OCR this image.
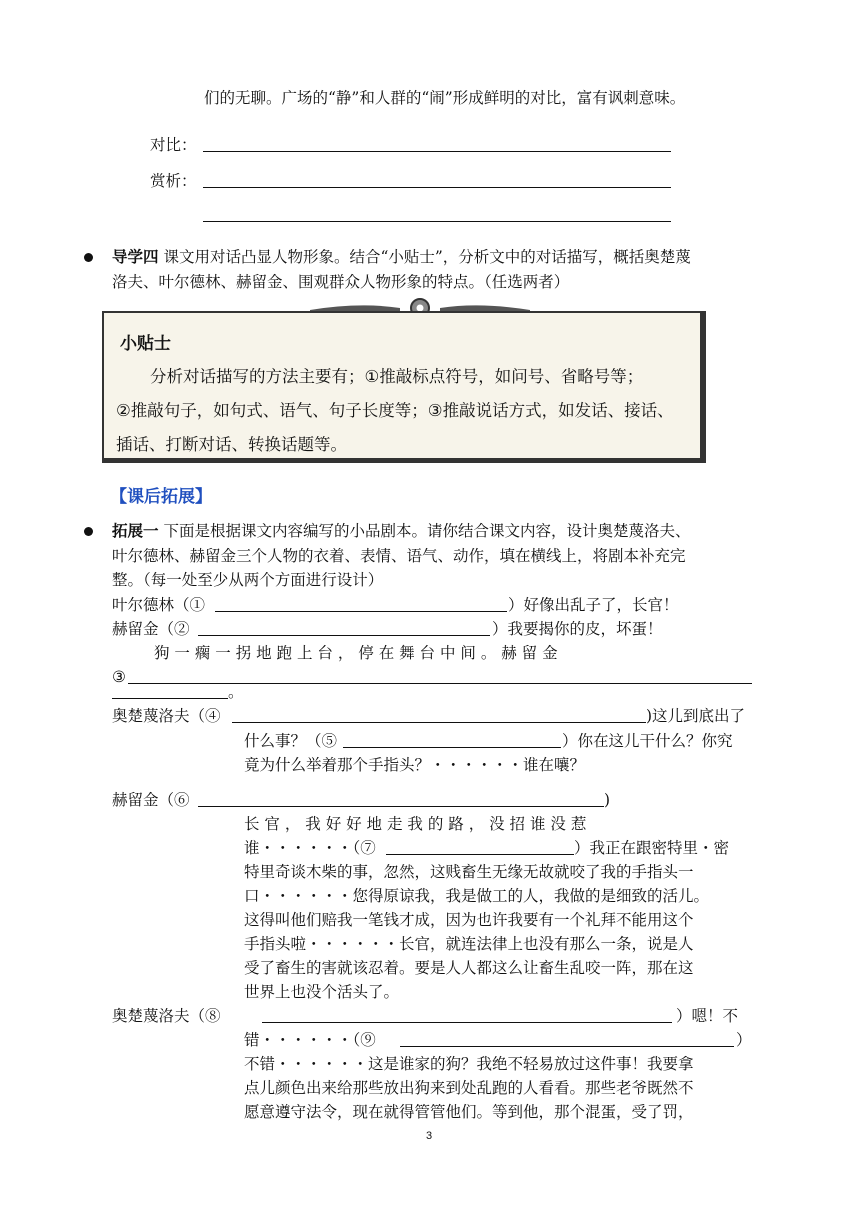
们的无聊。广场的“静”和人群的“闹”形成鲜明的对比，富有讽刺意味。
对比：
赏析：
导学四 课文用对话凸显人物形象。结合“小贴士”，分析文中的对话描写，概括奥楚蔑
洛夫、叶尔德林、赫留金、围观群众人物形象的特点。（任选两者）
小贴士
分析对话描写的方法主要有；①推敲标点符号，如问号、省略号等；
②推敲句子，如句式、语气、句子长度等；③推敲说话方式，如发话、接话、
插话、打断对话、转换话题等。
【课后拓展】
拓展一 下面是根据课文内容编写的小品剧本。请你结合课文内容，设计奥楚蔑洛夫、
叶尔德林、赫留金三个人物的衣着、表情、语气、动作，填在横线上，将剧本补充完
整。（每一处至少从两个方面进行设计）
叶尔德林（①	）好像出乱子了，长官！
赫留金（②	）我要揭你的皮，坏蛋！
狗 一 瘸 一 拐 地 跑 上 台 ， 停 在 舞 台 中 间 。 赫 留 金
③
。
奥楚蔑洛夫（④	)这儿到底出了
什么事？（⑤	）你在这儿干什么？你究
竟为什么举着那个手指头？・・・・・・谁在嚷？
赫留金（⑥	)
长 官 ， 我 好 好 地 走 我 的 路 ， 没 招 谁 没 惹
谁・・・・・・（⑦	）我正在跟密特里・密
特里奇谈木柴的事，忽然，这贱畜生无缘无故就咬了我的手指头一
口・・・・・・您得原谅我，我是做工的人，我做的是细致的活儿。
这得叫他们赔我一笔钱才成，因为也许我要有一个礼拜不能用这个
手指头啦・・・・・・长官，就连法律上也没有那么一条，说是人
受了畜生的害就该忍着。要是人人都这么让畜生乱咬一阵，那在这
世界上也没个活头了。
奥楚蔑洛夫（⑧	）嗯！不
错・・・・・・（⑨	）
不错・・・・・・这是谁家的狗？我绝不轻易放过这件事！我要拿
点儿颜色出来给那些放出狗来到处乱跑的人看看。那些老爷既然不
愿意遵守法令，现在就得管管他们。等到他，那个混蛋，受了罚，
3
